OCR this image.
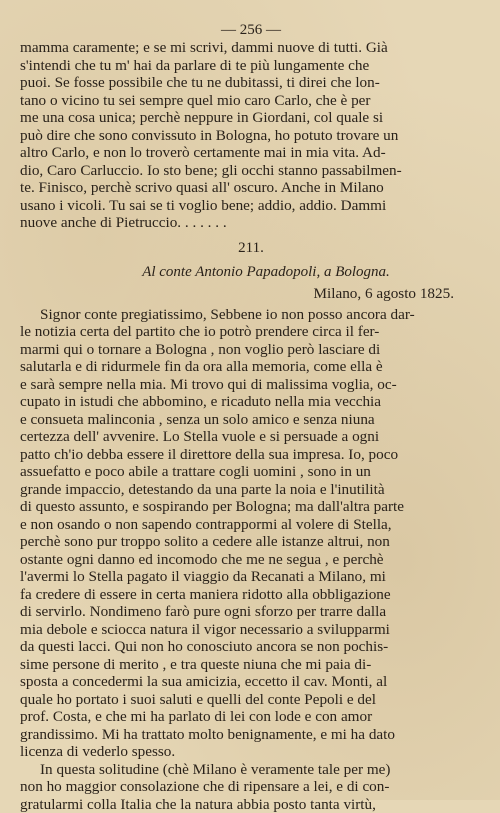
— 256 —
mamma caramente; e se mi scrivi, dammi nuove di tutti. Già
s'intendi che tu m' hai da parlare di te più lungamente che
puoi. Se fosse possibile che tu ne dubitassi, ti direi che lon-
tano o vicino tu sei sempre quel mio caro Carlo, che è per
me una cosa unica; perchè neppure in Giordani, col quale si
può dire che sono convissuto in Bologna, ho potuto trovare un
altro Carlo, e non lo troverò certamente mai in mia vita. Ad-
dio, Caro Carluccio. Io sto bene; gli occhi stanno passabilmen-
te. Finisco, perchè scrivo quasi all' oscuro. Anche in Milano
usano i vicoli. Tu sai se ti voglio bene; addio, addio. Dammi
nuove anche di Pietruccio. . . . . . .
211.
Al conte Antonio Papadopoli, a Bologna.
Milano, 6 agosto 1825.
Signor conte pregiatissimo, Sebbene io non posso ancora dar-
le notizia certa del partito che io potrò prendere circa il fer-
marmi qui o tornare a Bologna , non voglio però lasciare di
salutarla e di ridurmele fin da ora alla memoria, come ella è
e sarà sempre nella mia. Mi trovo qui di malissima voglia, oc-
cupato in istudi che abbomino, e ricaduto nella mia vecchia
e consueta malinconia , senza un solo amico e senza niuna
certezza dell' avvenire. Lo Stella vuole e si persuade a ogni
patto ch'io debba essere il direttore della sua impresa. Io, poco
assuefatto e poco abile a trattare cogli uomini , sono in un
grande impaccio, detestando da una parte la noia e l'inutilità
di questo assunto, e sospirando per Bologna; ma dall'altra parte
e non osando o non sapendo contrappormi al volere di Stella,
perchè sono pur troppo solito a cedere alle istanze altrui, non
ostante ogni danno ed incomodo che me ne segua , e perchè
l'avermi lo Stella pagato il viaggio da Recanati a Milano, mi
fa credere di essere in certa maniera ridotto alla obbligazione
di servirlo. Nondimeno farò pure ogni sforzo per trarre dalla
mia debole e sciocca natura il vigor necessario a svilupparmi
da questi lacci. Qui non ho conosciuto ancora se non pochis-
sime persone di merito , e tra queste niuna che mi paia di-
sposta a concedermi la sua amicizia, eccetto il cav. Monti, al
quale ho portato i suoi saluti e quelli del conte Pepoli e del
prof. Costa, e che mi ha parlato di lei con lode e con amor
grandissimo. Mi ha trattato molto benignamente, e mi ha dato
licenza di vederlo spesso.
In questa solitudine (chè Milano è veramente tale per me)
non ho maggior consolazione che di ripensare a lei, e di con-
gratularmi colla Italia che la natura abbia posto tanta virtù,
